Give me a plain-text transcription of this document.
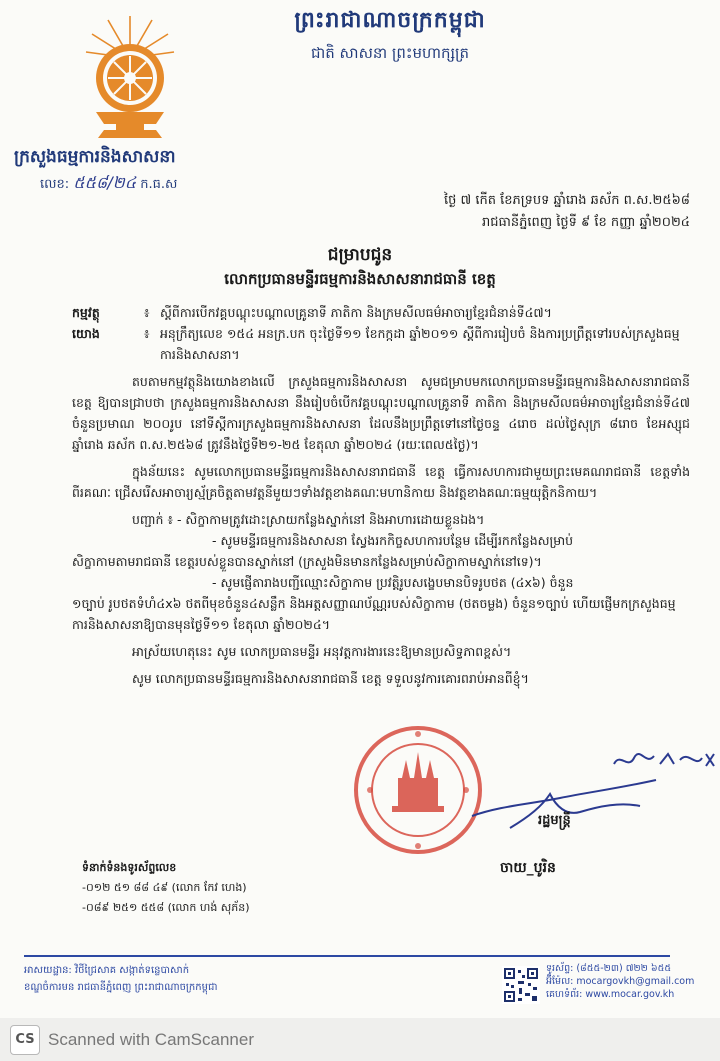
ព្រះរាជាណាចក្រកម្ពុជា
ជាតិ សាសនា ព្រះមហាក្សត្រ
ក្រសួងធម្មការនិងសាសនា
លេខ: ៥៥៨/២៤ ក.ធ.ស
ថ្ងៃ ៧ កើត ខែភទ្របទ ឆ្នាំរោង ឆស័ក ព.ស.២៥៦៨
រាជធានីភ្នំពេញ ថ្ងៃទី ៩ ខែ កញ្ញា ឆ្នាំ២០២៤
ជម្រាបជូន
លោកប្រធានមន្ទីរធម្មការនិងសាសនារាជធានី ខេត្ត
កម្មវត្ថុ	៖ ស្តីពីការបើកវគ្គបណ្តុះបណ្តាលគ្រូនាទី ភាតិកា និងក្រមសីលធម៌អាចារ្យខ្មែរជំនាន់ទី៤៧។
យោង	៖ អនុក្រឹត្យលេខ ១៥៤ អនក្រ.បក ចុះថ្ងៃទី១១ ខែកក្កដា ឆ្នាំ២០១១ ស្តីពីការរៀបចំ និងការប្រព្រឹត្តទៅរបស់ក្រសួងធម្មការនិងសាសនា។

តបតាមកម្មវត្ថុនិងយោងខាងលើ ក្រសួងធម្មការនិងសាសនា សូមជម្រាបមកលោកប្រធានមន្ទីរធម្មការនិងសាសនារាជធានី ខេត្ត ឱ្យបានជ្រាបថា ក្រសួងធម្មការនិងសាសនា នឹងរៀបចំបើកវគ្គបណ្តុះបណ្តាលគ្រូនាទី ភាតិកា និងក្រមសីលធម៌អាចារ្យខ្មែរជំនាន់ទី៤៧ ចំនួនប្រមាណ ២០០រូប នៅទីស្តីការក្រសួងធម្មការនិងសាសនា ដែលនឹងប្រព្រឹត្តទៅនៅថ្ងៃចន្ទ ៤រោច ដល់ថ្ងៃសុក្រ ៨រោច ខែអស្សុជ ឆ្នាំរោង ឆស័ក ព.ស.២៥៦៨ ត្រូវនឹងថ្ងៃទី២១-២៥ ខែតុលា ឆ្នាំ២០២៤ (រយៈពេល៥ថ្ងៃ)។

ក្នុងន័យនេះ សូមលោកប្រធានមន្ទីរធម្មការនិងសាសនារាជធានី ខេត្ត ធ្វើការសហការជាមួយព្រះមេគណរាជធានី ខេត្តទាំងពីរគណៈ ជ្រើសរើសអាចារ្យស្ម័គ្រចិត្តតាមវត្តនីមួយៗទាំងវត្តខាងគណៈមហានិកាយ និងវត្តខាងគណៈធម្មយុត្តិកនិកាយ។

បញ្ជាក់ ៖ - សិក្ខាកាមត្រូវដោះស្រាយកន្លែងស្នាក់នៅ និងអាហារដោយខ្លួនឯង។
- សូមមន្ទីរធម្មការនិងសាសនា ស្វែងរកកិច្ចសហការបន្ថែម ដើម្បីរកកន្លែងសម្រាប់
សិក្ខាកាមតាមរាជធានី ខេត្តរបស់ខ្លួនបានស្នាក់នៅ (ក្រសួងមិនមានកន្លែងសម្រាប់សិក្ខាកាមស្នាក់នៅទេ)។
- សូមផ្ញើតារាងបញ្ជីឈ្មោះសិក្ខាកាម ប្រវត្តិរូបសង្ខេបមានបិទរូបថត (៤x៦) ចំនួន
១ច្បាប់ រូបថតទំហំ៤x៦ ថតពីមុខចំនួន៤សន្លឹក និងអត្តសញ្ញាណប័ណ្ណរបស់សិក្ខាកាម (ថតចម្លង) ចំនួន១ច្បាប់ ហើយផ្ញើមកក្រសួងធម្មការនិងសាសនាឱ្យបានមុនថ្ងៃទី១១ ខែតុលា ឆ្នាំ២០២៤។

អាស្រ័យហេតុនេះ សូម លោកប្រធានមន្ទីរ អនុវត្តការងារនេះឱ្យមានប្រសិទ្ធភាពខ្ពស់។

សូម លោកប្រធានមន្ទីរធម្មការនិងសាសនារាជធានី ខេត្ត ទទួលនូវការគោរពរាប់អានពីខ្ញុំ។

រដ្ឋមន្ត្រី
ចាយ_បូរិន
ទំនាក់ទំនងទូរស័ព្ទលេខ
-០១២ ៥១ ៨៨ ៤៩ (លោក កែវ ហេង)
-០៨៩ ២៥១ ៥៥៨ (លោក ហង់ សុភ័ន)
អាសយដ្ឋាន: វិថីជ្រៃសាគ សង្កាត់ទន្លេបាសាក់
ខណ្ឌចំការមន រាជធានីភ្នំពេញ ព្រះរាជាណាចក្រកម្ពុជា
ទូរស័ព្ទ: (៨៥៥-២៣) ៧២២ ៦៥៥
អ៊ីម៉ែល: mocargovkh@gmail.com
គេហទំព័រ: www.mocar.gov.kh
CS Scanned with CamScanner
